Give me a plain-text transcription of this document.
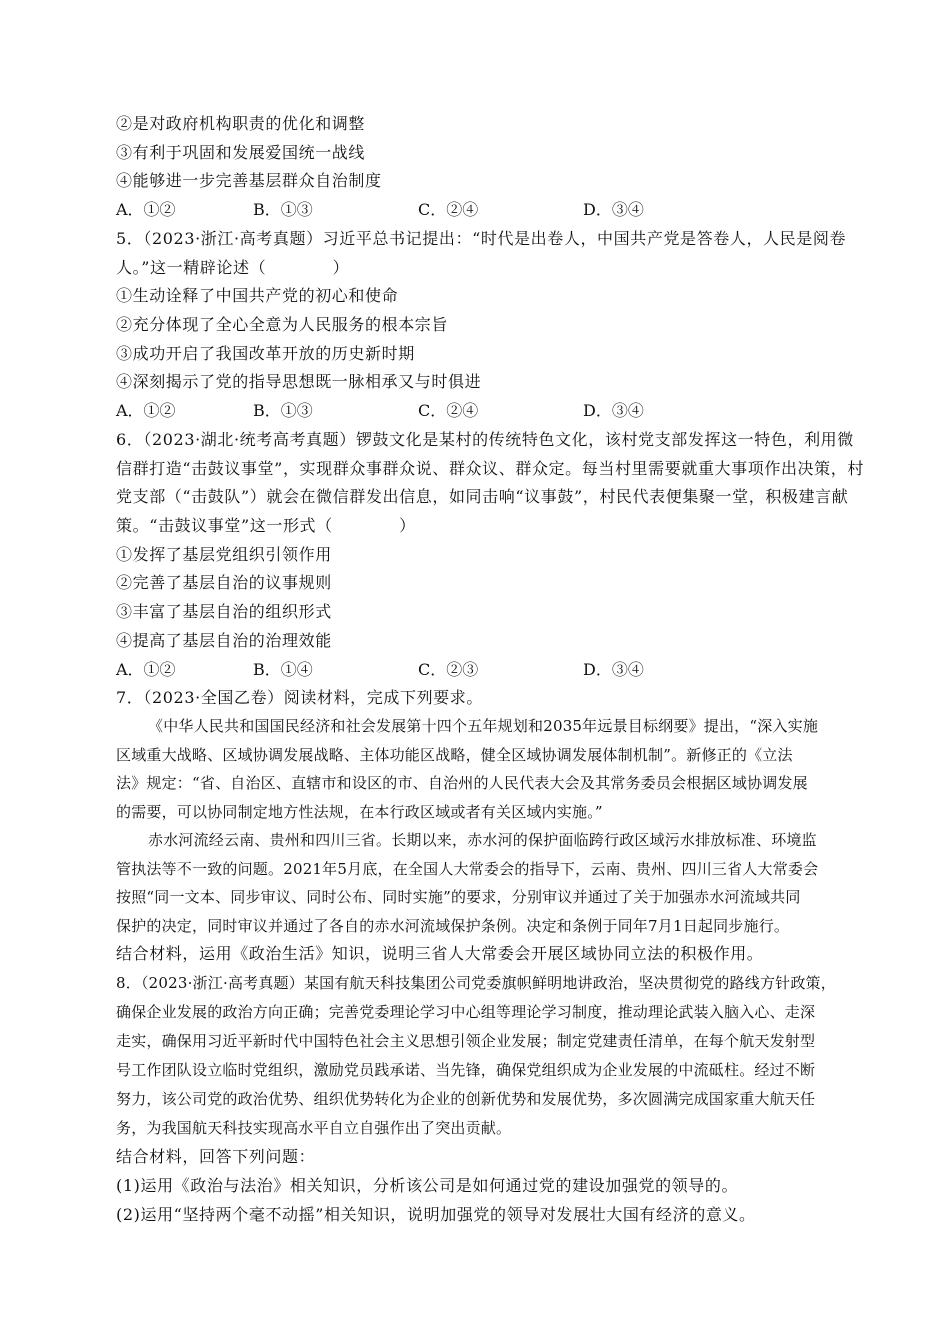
②是对政府机构职责的优化和调整
③有利于巩固和发展爱国统一战线
④能够进一步完善基层群众自治制度
A．①②	B．①③	C．②④	D．③④
5．（2023·浙江·高考真题）习近平总书记提出：“时代是出卷人，中国共产党是答卷人，人民是阅卷
人。”这一精辟论述（　　　　）
①生动诠释了中国共产党的初心和使命
②充分体现了全心全意为人民服务的根本宗旨
③成功开启了我国改革开放的历史新时期
④深刻揭示了党的指导思想既一脉相承又与时俱进
A．①②	B．①③	C．②④	D．③④
6．（2023·湖北·统考高考真题）锣鼓文化是某村的传统特色文化，该村党支部发挥这一特色，利用微
信群打造“击鼓议事堂”，实现群众事群众说、群众议、群众定。每当村里需要就重大事项作出决策，村
党支部（“击鼓队”）就会在微信群发出信息，如同击响“议事鼓”，村民代表便集聚一堂，积极建言献
策。“击鼓议事堂”这一形式（　　　　）
①发挥了基层党组织引领作用
②完善了基层自治的议事规则
③丰富了基层自治的组织形式
④提高了基层自治的治理效能
A．①②	B．①④	C．②③	D．③④
7．（2023·全国乙卷）阅读材料，完成下列要求。
《中华人民共和国国民经济和社会发展第十四个五年规划和2035年远景目标纲要》提出，“深入实施
区域重大战略、区域协调发展战略、主体功能区战略，健全区域协调发展体制机制”。新修正的《立法
法》规定：“省、自治区、直辖市和设区的市、自治州的人民代表大会及其常务委员会根据区域协调发展
的需要，可以协同制定地方性法规，在本行政区域或者有关区域内实施。”
赤水河流经云南、贵州和四川三省。长期以来，赤水河的保护面临跨行政区域污水排放标准、环境监
管执法等不一致的问题。2021年5月底，在全国人大常委会的指导下，云南、贵州、四川三省人大常委会
按照“同一文本、同步审议、同时公布、同时实施”的要求，分别审议并通过了关于加强赤水河流域共同
保护的决定，同时审议并通过了各自的赤水河流域保护条例。决定和条例于同年7月1日起同步施行。
结合材料，运用《政治生活》知识，说明三省人大常委会开展区域协同立法的积极作用。
8．（2023·浙江·高考真题）某国有航天科技集团公司党委旗帜鲜明地讲政治，坚决贯彻党的路线方针政策，
确保企业发展的政治方向正确；完善党委理论学习中心组等理论学习制度，推动理论武装入脑入心、走深
走实，确保用习近平新时代中国特色社会主义思想引领企业发展；制定党建责任清单，在每个航天发射型
号工作团队设立临时党组织，激励党员践承诺、当先锋，确保党组织成为企业发展的中流砥柱。经过不断
努力，该公司党的政治优势、组织优势转化为企业的创新优势和发展优势，多次圆满完成国家重大航天任
务，为我国航天科技实现高水平自立自强作出了突出贡献。
结合材料，回答下列问题：
(1)运用《政治与法治》相关知识，分析该公司是如何通过党的建设加强党的领导的。
(2)运用“坚持两个毫不动摇”相关知识，说明加强党的领导对发展壮大国有经济的意义。
